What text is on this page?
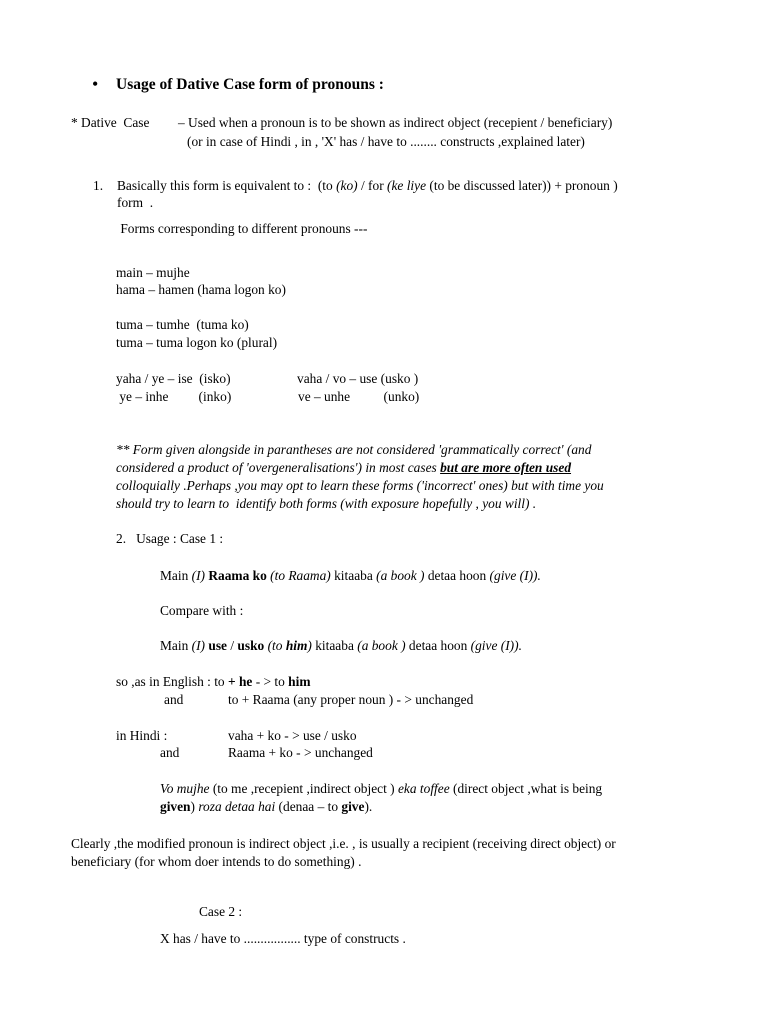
• Usage of Dative Case form of pronouns :
* Dative  Case – Used when a pronoun is to be shown as indirect object (recepient / beneficiary)
(or in case of Hindi , in , 'X' has / have to ........ constructs ,explained later)
1. Basically this form is equivalent to :  (to (ko) / for (ke liye (to be discussed later)) + pronoun )
form  .
Forms corresponding to different pronouns ---
main – mujhe
hama – hamen (hama logon ko)
tuma – tumhe  (tuma ko)
tuma – tuma logon ko (plural)
yaha / ye – ise  (isko)	vaha / vo – use (usko )
ye – inhe         (inko)	ve – unhe          (unko)
** Form given alongside in parantheses are not considered 'grammatically correct' (and
considered a product of 'overgeneralisations') in most cases but are more often used
colloquially .Perhaps ,you may opt to learn these forms ('incorrect' ones) but with time you
should try to learn to  identify both forms (with exposure hopefully , you will) .
2.   Usage : Case 1 :
Main (I) Raama ko (to Raama) kitaaba (a book ) detaa hoon (give (I)).
Compare with :
Main (I) use / usko (to him) kitaaba (a book ) detaa hoon (give (I)).
so ,as in English : to + he - > to him
and	to + Raama (any proper noun ) - > unchanged
in Hindi :	vaha + ko - > use / usko
and	Raama + ko - > unchanged
Vo mujhe (to me ,recepient ,indirect object ) eka toffee (direct object ,what is being
given) roza detaa hai (denaa – to give).
Clearly ,the modified pronoun is indirect object ,i.e. , is usually a recipient (receiving direct object) or
beneficiary (for whom doer intends to do something) .
Case 2 :
X has / have to ................. type of constructs .
